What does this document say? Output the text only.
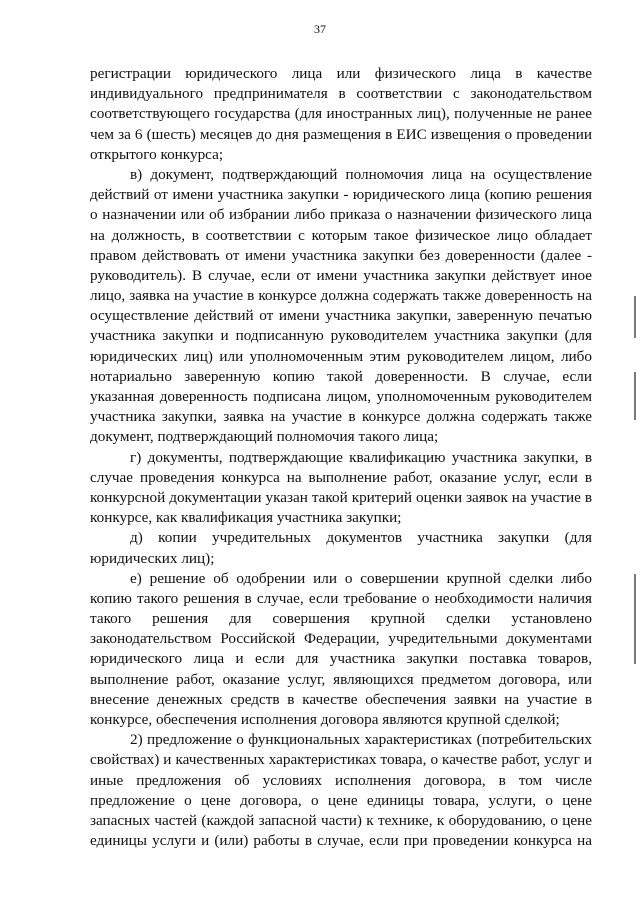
37
регистрации юридического лица или физического лица в качестве
индивидуального предпринимателя в соответствии с законодательством
соответствующего государства (для иностранных лиц), полученные не ранее
чем за 6 (шесть) месяцев до дня размещения в ЕИС извещения о проведении
открытого конкурса;
в) документ, подтверждающий полномочия лица на осуществление
действий от имени участника закупки - юридического лица (копию решения
о назначении или об избрании либо приказа о назначении физического лица
на должность, в соответствии с которым такое физическое лицо обладает
правом действовать от имени участника закупки без доверенности (далее -
руководитель). В случае, если от имени участника закупки действует иное
лицо, заявка на участие в конкурсе должна содержать также доверенность на
осуществление действий от имени участника закупки, заверенную печатью
участника закупки и подписанную руководителем участника закупки (для
юридических лиц) или уполномоченным этим руководителем лицом, либо
нотариально заверенную копию такой доверенности. В случае, если
указанная доверенность подписана лицом, уполномоченным руководителем
участника закупки, заявка на участие в конкурсе должна содержать также
документ, подтверждающий полномочия такого лица;
г) документы, подтверждающие квалификацию участника закупки, в
случае проведения конкурса на выполнение работ, оказание услуг, если в
конкурсной документации указан такой критерий оценки заявок на участие в
конкурсе, как квалификация участника закупки;
д) копии учредительных документов участника закупки (для
юридических лиц);
е) решение об одобрении или о совершении крупной сделки либо
копию такого решения в случае, если требование о необходимости наличия
такого решения для совершения крупной сделки установлено
законодательством Российской Федерации, учредительными документами
юридического лица и если для участника закупки поставка товаров,
выполнение работ, оказание услуг, являющихся предметом договора, или
внесение денежных средств в качестве обеспечения заявки на участие в
конкурсе, обеспечения исполнения договора являются крупной сделкой;
2) предложение о функциональных характеристиках (потребительских
свойствах) и качественных характеристиках товара, о качестве работ, услуг и
иные предложения об условиях исполнения договора, в том числе
предложение о цене договора, о цене единицы товара, услуги, о цене
запасных частей (каждой запасной части) к технике, к оборудованию, о цене
единицы услуги и (или) работы в случае, если при проведении конкурса на
